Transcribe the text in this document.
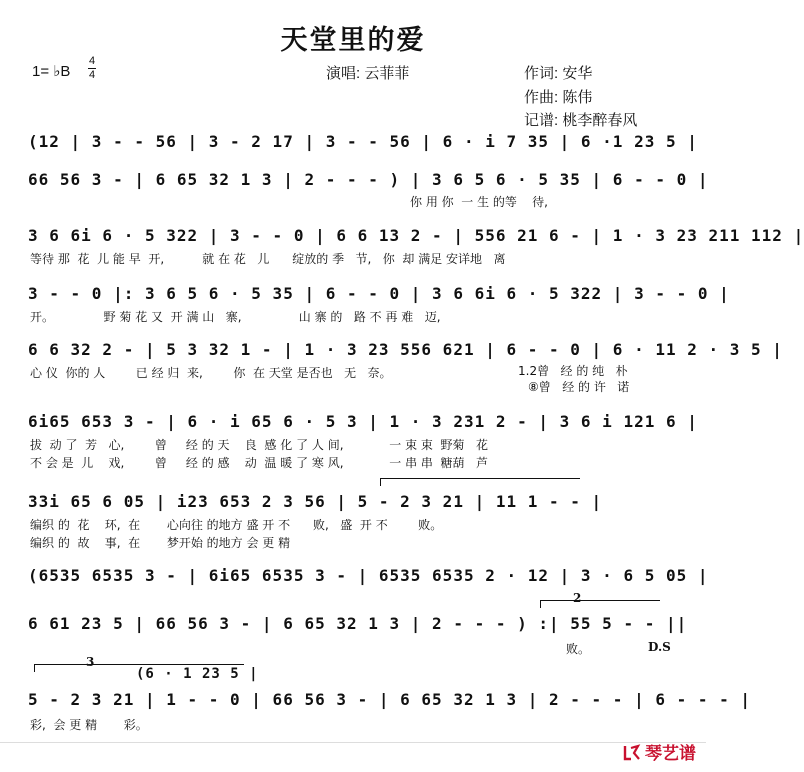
天堂里的爱
1= ♭B
4
4	演唱: 云菲菲	作词: 安华
作曲: 陈伟
记谱: 桃李醉春风
(12 | 3 - - 56 | 3 - 2 17 | 3 - - 56 | 6 · i 7 35 | 6 ·1 23 5 |
66 56 3 - | 6 65 32 1 3 | 2 - - - ) | 3 6 5 6 · 5 35 | 6 - - 0 |
你 用 你  一 生 的等    待,
3 6 6i 6 · 5 322 | 3 - - 0 | 6 6 13 2 - | 556 21 6 - | 1 · 3 23 211 112 |
等待 那  花  儿 能 早  开,          就 在 花   儿      绽放的 季   节,   你  却 满足 安详地   离
3 - - 0 |: 3 6 5 6 · 5 35 | 6 - - 0 | 3 6 6i 6 · 5 322 | 3 - - 0 |
开。             野 菊 花 又  开 满 山   寨,               山 寨 的   路 不 再 难   迈,
6 6 32 2 - | 5 3 32 1 - | 1 · 3 23 556 621 | 6 - - 0 | 6 · 11 2 · 3 5 |
心 仪  你的 人        已 经 归  来,        你  在 天堂 是否也   无   奈。	1.2曾   经 的 纯   朴
⑧曾   经 的 许   诺
6i65 653 3 - | 6 · i 65 6 · 5 3 | 1 · 3 231 2 - | 3 6 i 121 6 |
拔  动 了  芳   心,        曾     经 的 天    良  感 化 了 人 间,            一 束 束  野菊   花
不 会 是  儿    戏,        曾     经 的 感    动  温 暖 了 寒 风,            一 串 串  糖葫   芦
33i 65 6 05 | i23 653 2 3 56 | 5 - 2 3 21 | 11 1 - - |
编织 的  花    环,  在       心向往 的地方 盛 开 不      败,   盛  开 不        败。
编织 的  故    事,  在       梦开始 的地方 会 更 精
(6535 6535 3 - | 6i65 6535 3 - | 6535 6535 2 · 12 | 3 · 6 5 05 |
2
6 61 23 5 | 66 56 3 - | 6 65 32 1 3 | 2 - - - ) :| 55 5 - - ||
败。	D.S
3
(6 · 1 23 5 |
5 - 2 3 21 | 1 - - 0 | 66 56 3 - | 6 65 32 1 3 | 2 - - - | 6 - - - |
彩,  会 更 精       彩。
琴艺谱
